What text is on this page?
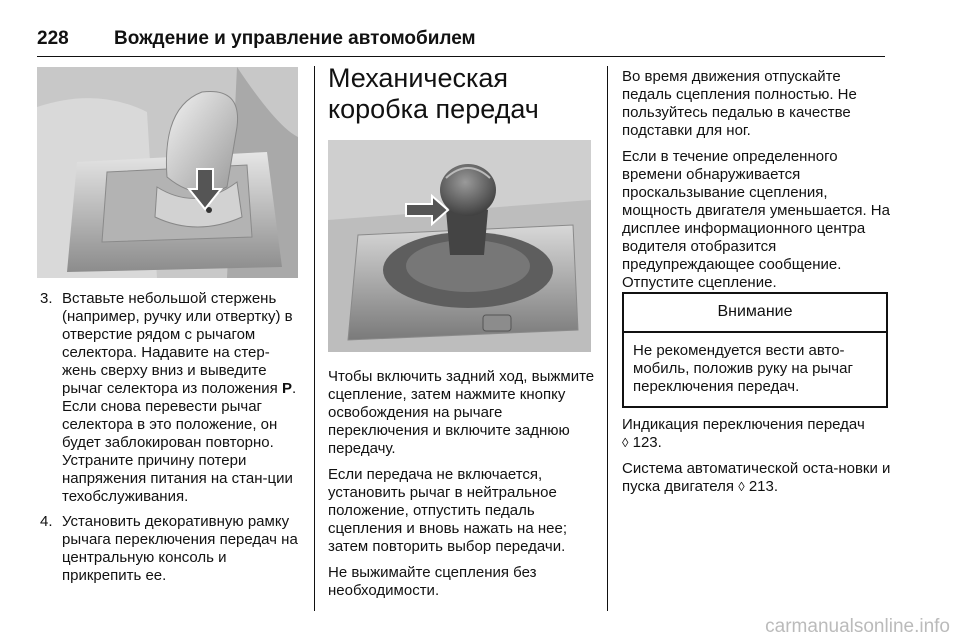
228 Вождение и управление автомобилем
3. Вставьте небольшой стержень (например, ручку или отвертку) в отверстие рядом с рычагом селектора. Надавите на стер-жень сверху вниз и выведите рычаг селектора из положения P. Если снова перевести рычаг селектора в это положение, он будет заблокирован повторно. Устраните причину потери напряжения питания на стан-ции техобслуживания.
4. Установить декоративную рамку рычага переключения передач на центральную консоль и прикрепить ее.
Механическая коробка передач

Чтобы включить задний ход, выжмите сцепление, затем нажмите кнопку освобождения на рычаге переключения и включите заднюю передачу.

Если передача не включается, установить рычаг в нейтральное положение, отпустить педаль сцепления и вновь нажать на нее; затем повторить выбор передачи.

Не выжимайте сцепления без необходимости.

Во время движения отпускайте педаль сцепления полностью. Не пользуйтесь педалью в качестве подставки для ног.

Если в течение определенного времени обнаруживается проскальзывание сцепления, мощность двигателя уменьшается. На дисплее информационного центра водителя отобразится предупреждающее сообщение. Отпустите сцепление.

Внимание
Не рекомендуется вести авто-мобиль, положив руку на рычаг переключения передач.

Индикация переключения передач
◊ 123.

Система автоматической оста-новки и пуска двигателя ◊ 213.

carmanualsonline.info
